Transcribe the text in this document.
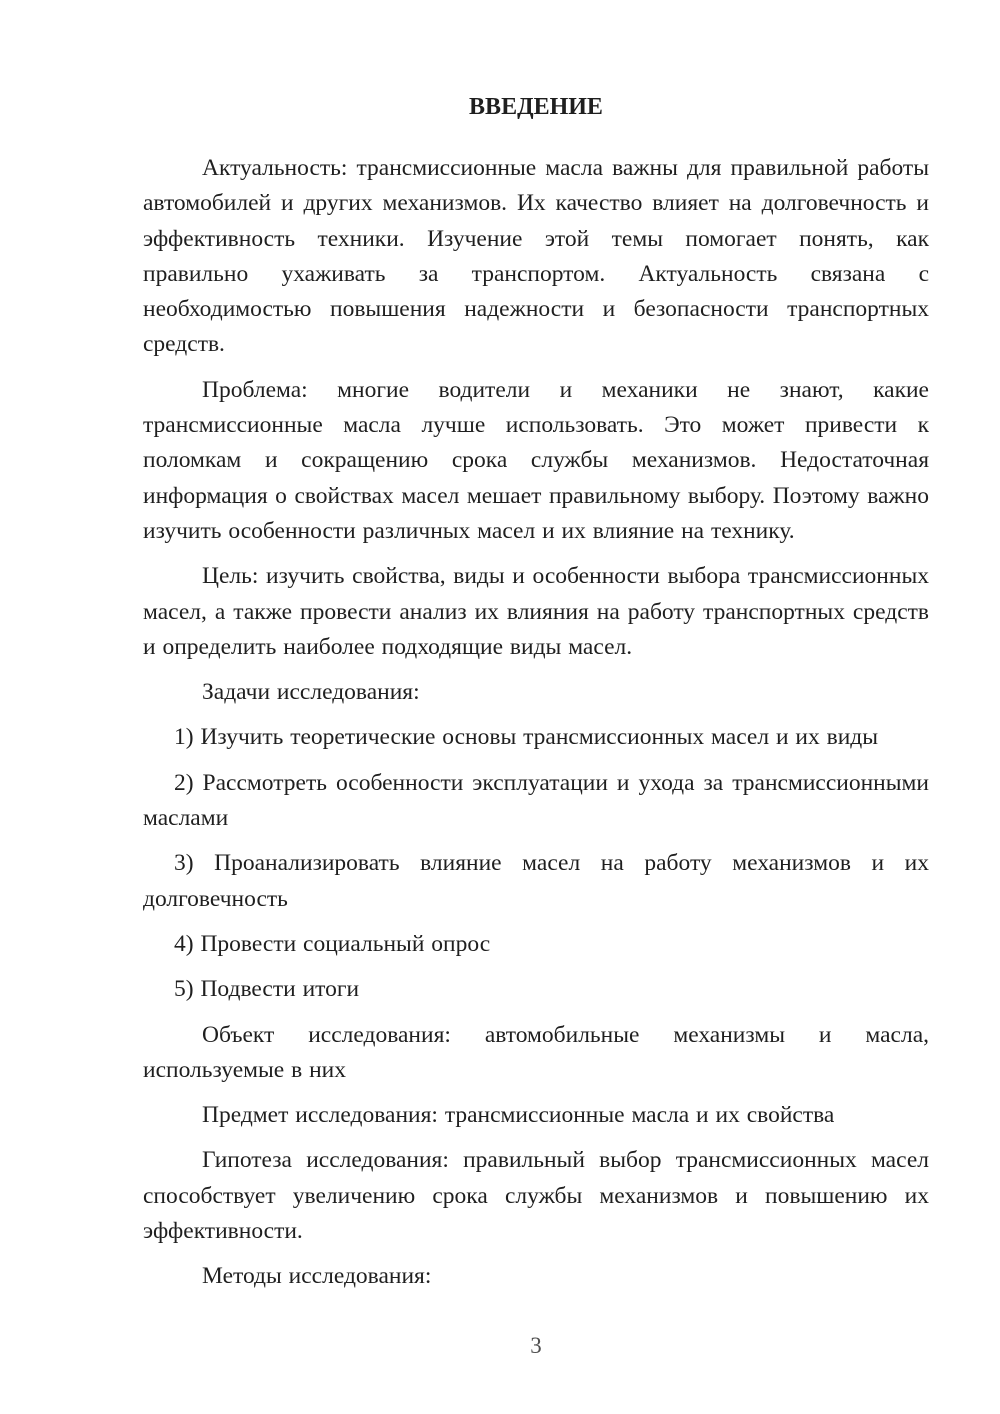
ВВЕДЕНИЕ

Актуальность: трансмиссионные масла важны для правильной работы автомобилей и других механизмов. Их качество влияет на долговечность и эффективность техники. Изучение этой темы помогает понять, как правильно ухаживать за транспортом. Актуальность связана с необходимостью повышения надежности и безопасности транспортных средств.

Проблема: многие водители и механики не знают, какие трансмиссионные масла лучше использовать. Это может привести к поломкам и сокращению срока службы механизмов. Недостаточная информация о свойствах масел мешает правильному выбору. Поэтому важно изучить особенности различных масел и их влияние на технику.

Цель: изучить свойства, виды и особенности выбора трансмиссионных масел, а также провести анализ их влияния на работу транспортных средств и определить наиболее подходящие виды масел.

Задачи исследования:

1) Изучить теоретические основы трансмиссионных масел и их виды

2) Рассмотреть особенности эксплуатации и ухода за трансмиссионными маслами

3) Проанализировать влияние масел на работу механизмов и их долговечность

4) Провести социальный опрос

5) Подвести итоги

Объект исследования: автомобильные механизмы и масла, используемые в них

Предмет исследования: трансмиссионные масла и их свойства

Гипотеза исследования: правильный выбор трансмиссионных масел способствует увеличению срока службы механизмов и повышению их эффективности.

Методы исследования:

3
